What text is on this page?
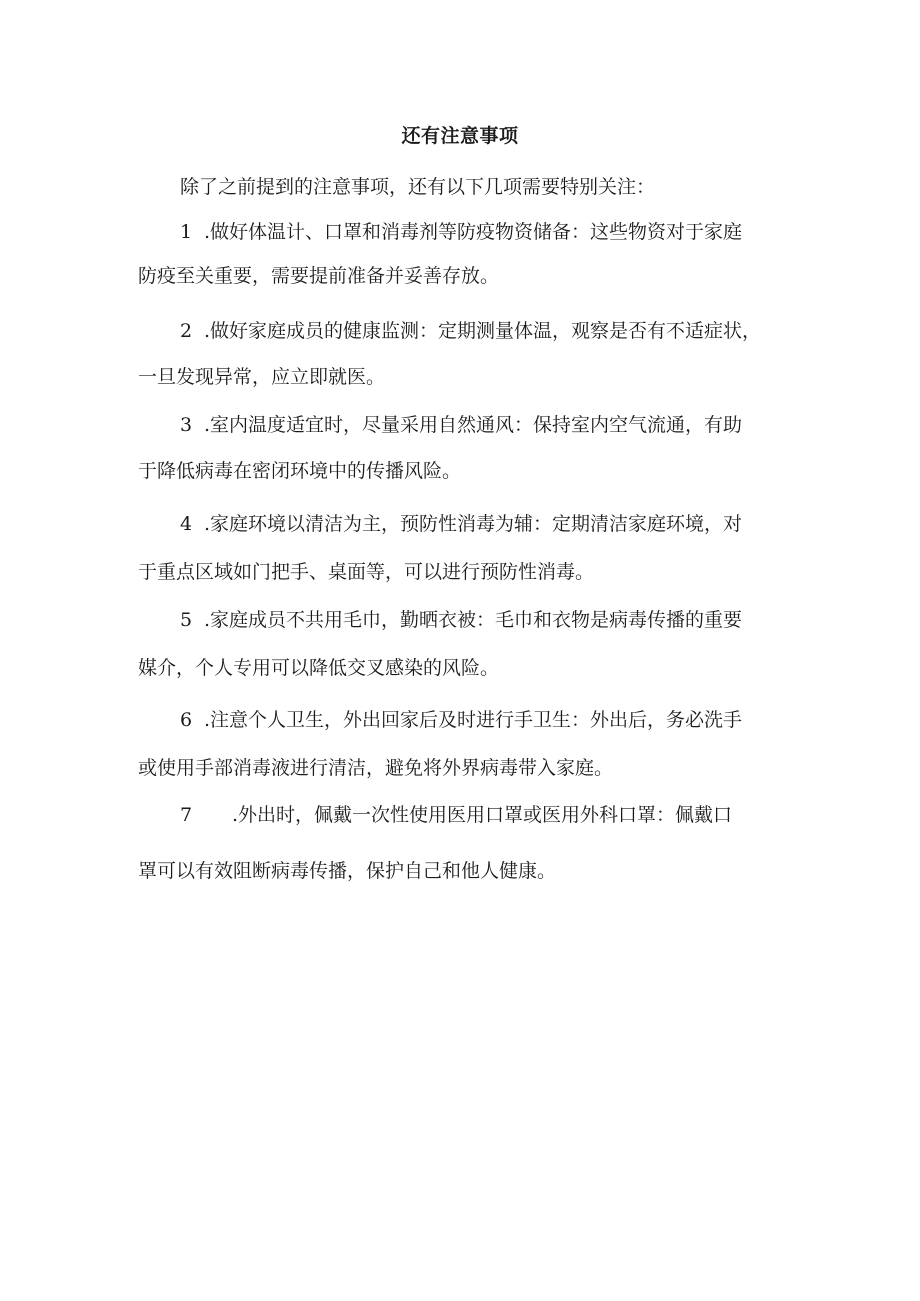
还有注意事项
除了之前提到的注意事项，还有以下几项需要特别关注：
1 .做好体温计、口罩和消毒剂等防疫物资储备：这些物资对于家庭
防疫至关重要，需要提前准备并妥善存放。
2 .做好家庭成员的健康监测：定期测量体温，观察是否有不适症状，
一旦发现异常，应立即就医。
3 .室内温度适宜时，尽量采用自然通风：保持室内空气流通，有助
于降低病毒在密闭环境中的传播风险。
4 .家庭环境以清洁为主，预防性消毒为辅：定期清洁家庭环境，对
于重点区域如门把手、桌面等，可以进行预防性消毒。
5 .家庭成员不共用毛巾，勤晒衣被：毛巾和衣物是病毒传播的重要
媒介，个人专用可以降低交叉感染的风险。
6 .注意个人卫生，外出回家后及时进行手卫生：外出后，务必洗手
或使用手部消毒液进行清洁，避免将外界病毒带入家庭。
7 .外出时，佩戴一次性使用医用口罩或医用外科口罩：佩戴口
罩可以有效阻断病毒传播，保护自己和他人健康。
